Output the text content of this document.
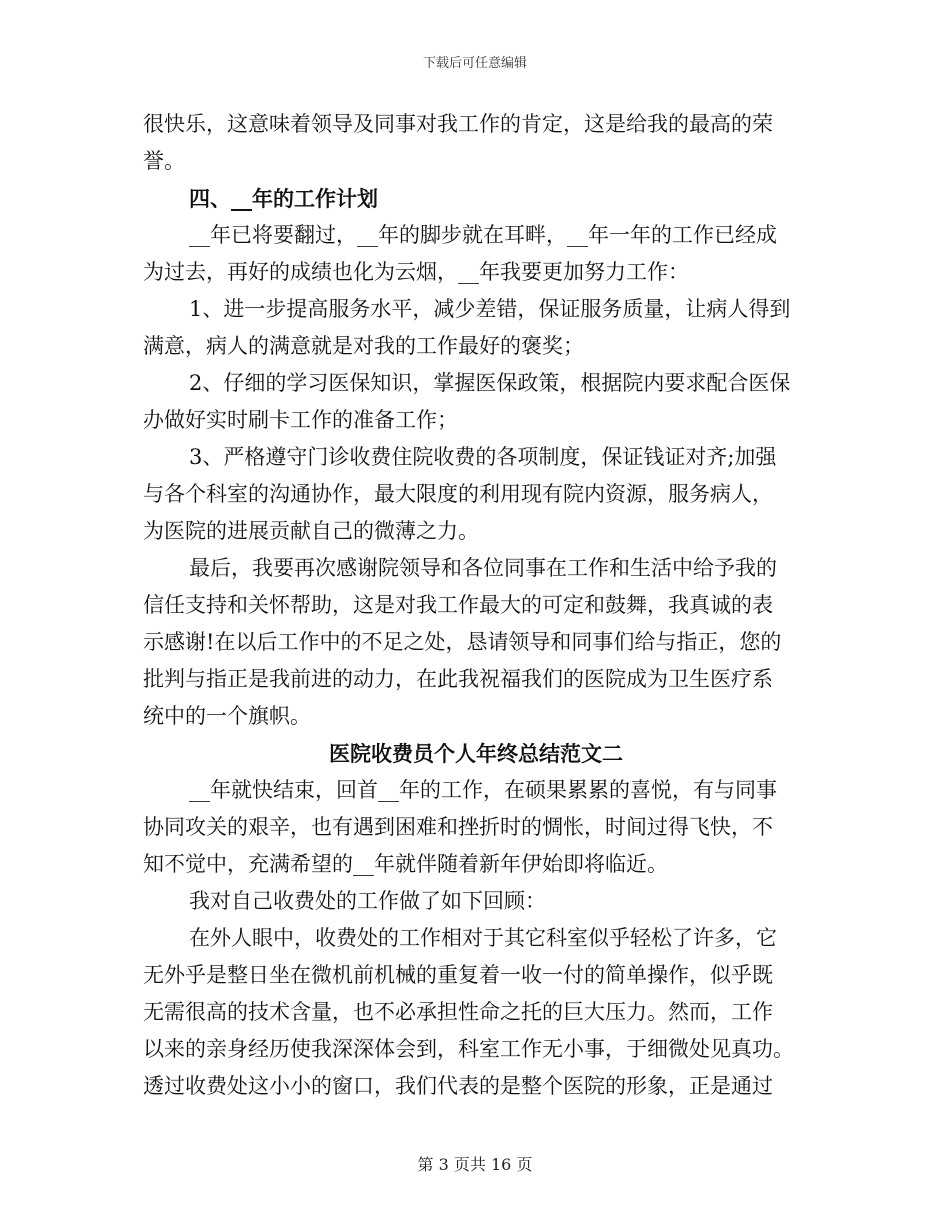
下载后可任意编辑
很快乐，这意味着领导及同事对我工作的肯定，这是给我的最高的荣
誉。
四、__年的工作计划
__年已将要翻过，__年的脚步就在耳畔，__年一年的工作已经成
为过去，再好的成绩也化为云烟，__年我要更加努力工作：
1、进一步提高服务水平，减少差错，保证服务质量，让病人得到
满意，病人的满意就是对我的工作最好的褒奖；
2、仔细的学习医保知识，掌握医保政策，根据院内要求配合医保
办做好实时刷卡工作的准备工作；
3、严格遵守门诊收费住院收费的各项制度，保证钱证对齐;加强
与各个科室的沟通协作，最大限度的利用现有院内资源，服务病人，
为医院的进展贡献自己的微薄之力。
最后，我要再次感谢院领导和各位同事在工作和生活中给予我的
信任支持和关怀帮助，这是对我工作最大的可定和鼓舞，我真诚的表
示感谢!在以后工作中的不足之处，恳请领导和同事们给与指正，您的
批判与指正是我前进的动力，在此我祝福我们的医院成为卫生医疗系
统中的一个旗帜。
医院收费员个人年终总结范文二
__年就快结束，回首__年的工作，在硕果累累的喜悦，有与同事
协同攻关的艰辛，也有遇到困难和挫折时的惆怅，时间过得飞快，不
知不觉中，充满希望的__年就伴随着新年伊始即将临近。
我对自己收费处的工作做了如下回顾：
在外人眼中，收费处的工作相对于其它科室似乎轻松了许多，它
无外乎是整日坐在微机前机械的重复着一收一付的简单操作，似乎既
无需很高的技术含量，也不必承担性命之托的巨大压力。然而，工作
以来的亲身经历使我深深体会到，科室工作无小事，于细微处见真功。
透过收费处这小小的窗口，我们代表的是整个医院的形象，正是通过
第 3 页共 16 页
